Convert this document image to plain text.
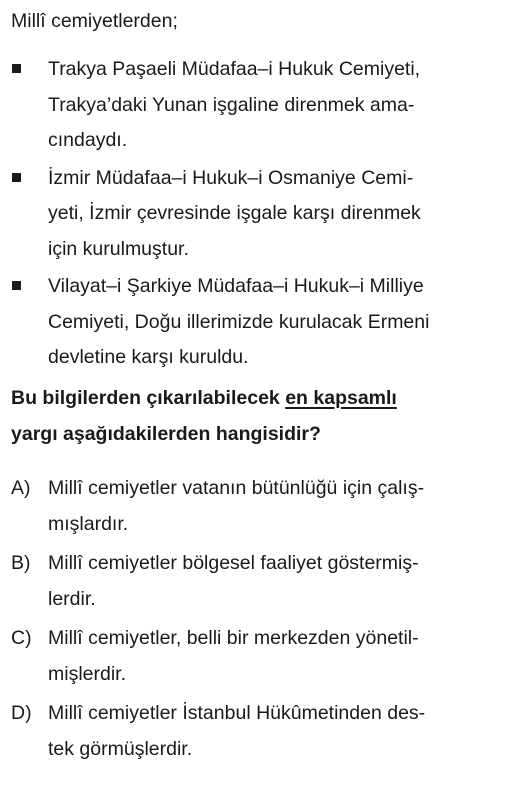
Millî cemiyetlerden;
Trakya Paşaeli Müdafaa–i Hukuk Cemiyeti,
Trakya’daki Yunan işgaline direnmek ama-
cındaydı.
İzmir Müdafaa–i Hukuk–i Osmaniye Cemi-
yeti, İzmir çevresinde işgale karşı direnmek
için kurulmuştur.
Vilayat–i Şarkiye Müdafaa–i Hukuk–i Milliye
Cemiyeti, Doğu illerimizde kurulacak Ermeni
devletine karşı kuruldu.
Bu bilgilerden çıkarılabilecek en kapsamlı
yargı aşağıdakilerden hangisidir?
A) Millî cemiyetler vatanın bütünlüğü için çalış-
mışlardır.
B) Millî cemiyetler bölgesel faaliyet göstermiş-
lerdir.
C) Millî cemiyetler, belli bir merkezden yönetil-
mişlerdir.
D) Millî cemiyetler İstanbul Hükûmetinden des-
tek görmüşlerdir.
